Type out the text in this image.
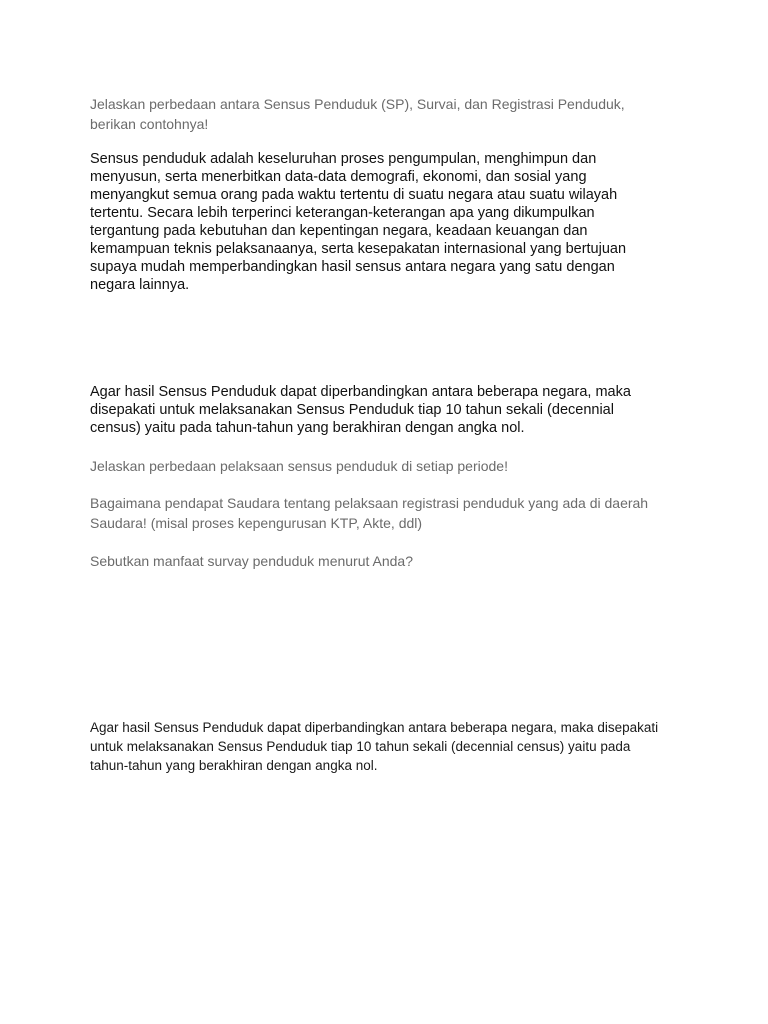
Jelaskan perbedaan antara Sensus Penduduk (SP), Survai, dan Registrasi Penduduk,
berikan contohnya!

Sensus penduduk adalah keseluruhan proses pengumpulan, menghimpun dan
menyusun, serta menerbitkan data-data demografi, ekonomi, dan sosial yang
menyangkut semua orang pada waktu tertentu di suatu negara atau suatu wilayah
tertentu. Secara lebih terperinci keterangan-keterangan apa yang dikumpulkan
tergantung pada kebutuhan dan kepentingan negara, keadaan keuangan dan
kemampuan teknis pelaksanaanya, serta kesepakatan internasional yang bertujuan
supaya mudah memperbandingkan hasil sensus antara negara yang satu dengan
negara lainnya.

Agar hasil Sensus Penduduk dapat diperbandingkan antara beberapa negara, maka
disepakati untuk melaksanakan Sensus Penduduk tiap 10 tahun sekali (decennial
census) yaitu pada tahun-tahun yang berakhiran dengan angka nol.

Jelaskan perbedaan pelaksaan sensus penduduk di setiap periode!

Bagaimana pendapat Saudara tentang pelaksaan registrasi penduduk yang ada di daerah
Saudara! (misal proses kepengurusan KTP, Akte, ddl)

Sebutkan manfaat survay penduduk menurut Anda?

Agar hasil Sensus Penduduk dapat diperbandingkan antara beberapa negara, maka disepakati
untuk melaksanakan Sensus Penduduk tiap 10 tahun sekali (decennial census) yaitu pada
tahun-tahun yang berakhiran dengan angka nol.
